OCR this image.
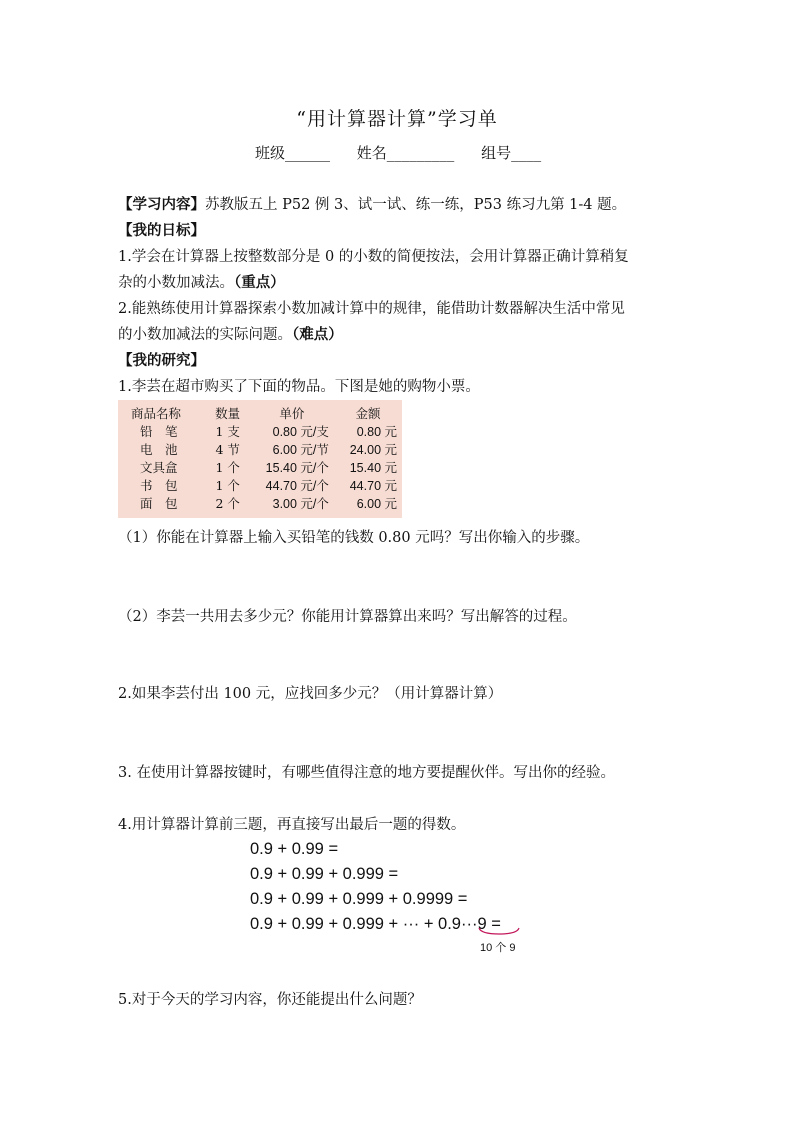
“用计算器计算”学习单
班级______ 姓名_________ 组号____
【学习内容】苏教版五上 P52 例 3、试一试、练一练，P53 练习九第 1-4 题。
【我的日标】
1.学会在计算器上按整数部分是 0 的小数的简便按法，会用计算器正确计算稍复
杂的小数加减法。（重点）
2.能熟练使用计算器探索小数加减计算中的规律，能借助计数器解决生活中常见
的小数加减法的实际问题。（难点）
【我的研究】
1.李芸在超市购买了下面的物品。下图是她的购物小票。
商品名称	数量	单价	金额
铅　笔	1 支	0.80 元/支	0.80 元
电　池	4 节	6.00 元/节	24.00 元
文具盒	1 个	15.40 元/个	15.40 元
书　包	1 个	44.70 元/个	44.70 元
面　包	2 个	3.00 元/个	6.00 元
（1）你能在计算器上输入买铅笔的钱数 0.80 元吗？写出你输入的步骤。
（2）李芸一共用去多少元？你能用计算器算出来吗？写出解答的过程。
2.如果李芸付出 100 元，应找回多少元？（用计算器计算）
3. 在使用计算器按键时，有哪些值得注意的地方要提醒伙伴。写出你的经验。
4.用计算器计算前三题，再直接写出最后一题的得数。
0.9 + 0.99 =
0.9 + 0.99 + 0.999 =
0.9 + 0.99 + 0.999 + 0.9999 =
0.9 + 0.99 + 0.999 + ··· + 0.9···9 =
10 个 9
5.对于今天的学习内容，你还能提出什么问题？
